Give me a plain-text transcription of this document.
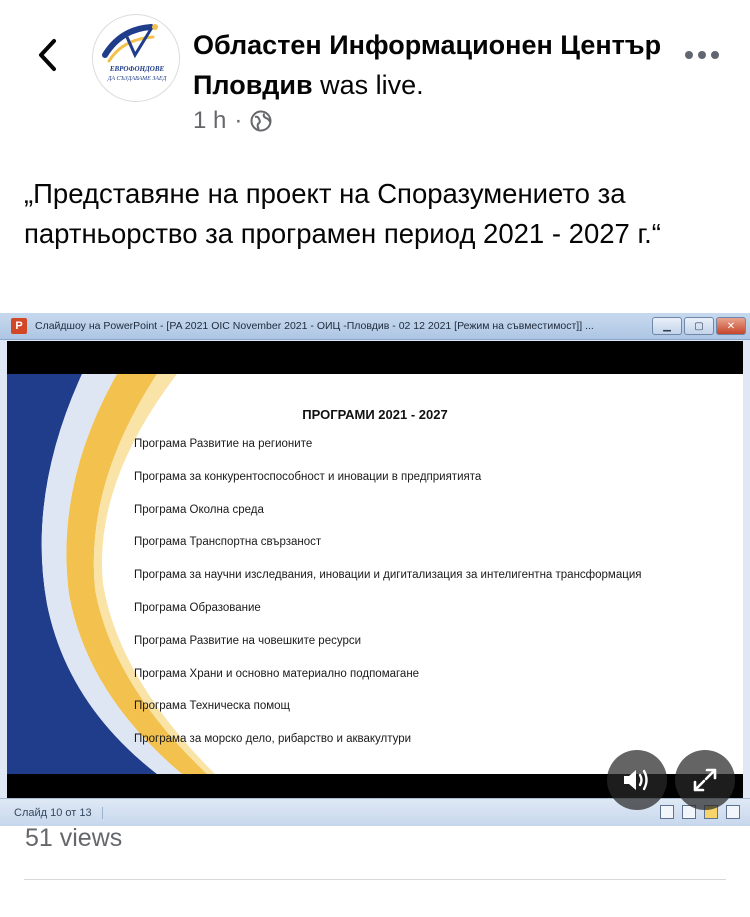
ЕВРОФОНДОВЕ
ДА СЪЗДАВАМЕ ЗАЕД
Областен Информационен Център Пловдив was live.
1 h ·
„Представяне на проект на Споразумението за партньорство за програмен период 2021 - 2027 г.“
P	Слайдшоу на PowerPoint - [PA 2021 OIC November 2021 - ОИЦ -Пловдив - 02 12 2021 [Режим на съвместимост]] ...	▁	▢	✕
ПРОГРАМИ 2021 - 2027
Програма Развитие на регионите
Програма за конкурентоспособност и иновации в предприятията
Програма Околна среда
Програма Транспортна свързаност
Програма за научни изследвания, иновации и дигитализация за интелигентна трансформация
Програма Образование
Програма Развитие на човешките ресурси
Програма Храни и основно материално подпомагане
Програма Техническа помощ
Програма за морско дело, рибарство и аквакултури
Слайд 10 от 13
51 views
